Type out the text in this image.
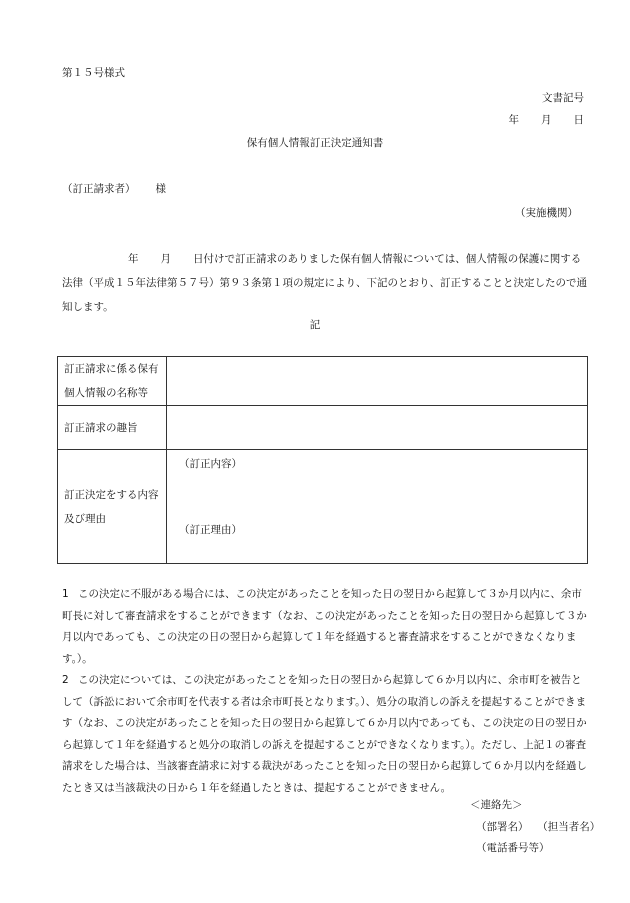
第１５号様式
文書記号
年 月 日
保有個人情報訂正決定通知書
（訂正請求者） 様
（実施機関）
年 月 日付けで訂正請求のありました保有個人情報については、個人情報の保護に関する法律（平成１５年法律第５７号）第９３条第１項の規定により、下記のとおり、訂正することと決定したので通知します。
記
訂正請求に係る保有個人情報の名称等	
訂正請求の趣旨	
訂正決定をする内容及び理由	（訂正内容）
（訂正理由）
1 この決定に不服がある場合には、この決定があったことを知った日の翌日から起算して３か月以内に、余市町長に対して審査請求をすることができます（なお、この決定があったことを知った日の翌日から起算して３か月以内であっても、この決定の日の翌日から起算して１年を経過すると審査請求をすることができなくなります。）。
2 この決定については、この決定があったことを知った日の翌日から起算して６か月以内に、余市町を被告として（訴訟において余市町を代表する者は余市町長となります。）、処分の取消しの訴えを提起することができます（なお、この決定があったことを知った日の翌日から起算して６か月以内であっても、この決定の日の翌日から起算して１年を経過すると処分の取消しの訴えを提起することができなくなります。）。ただし、上記１の審査請求をした場合は、当該審査請求に対する裁決があったことを知った日の翌日から起算して６か月以内を経過したとき又は当該裁決の日から１年を経過したときは、提起することができません。
＜連絡先＞
（部署名） （担当者名）
（電話番号等）
